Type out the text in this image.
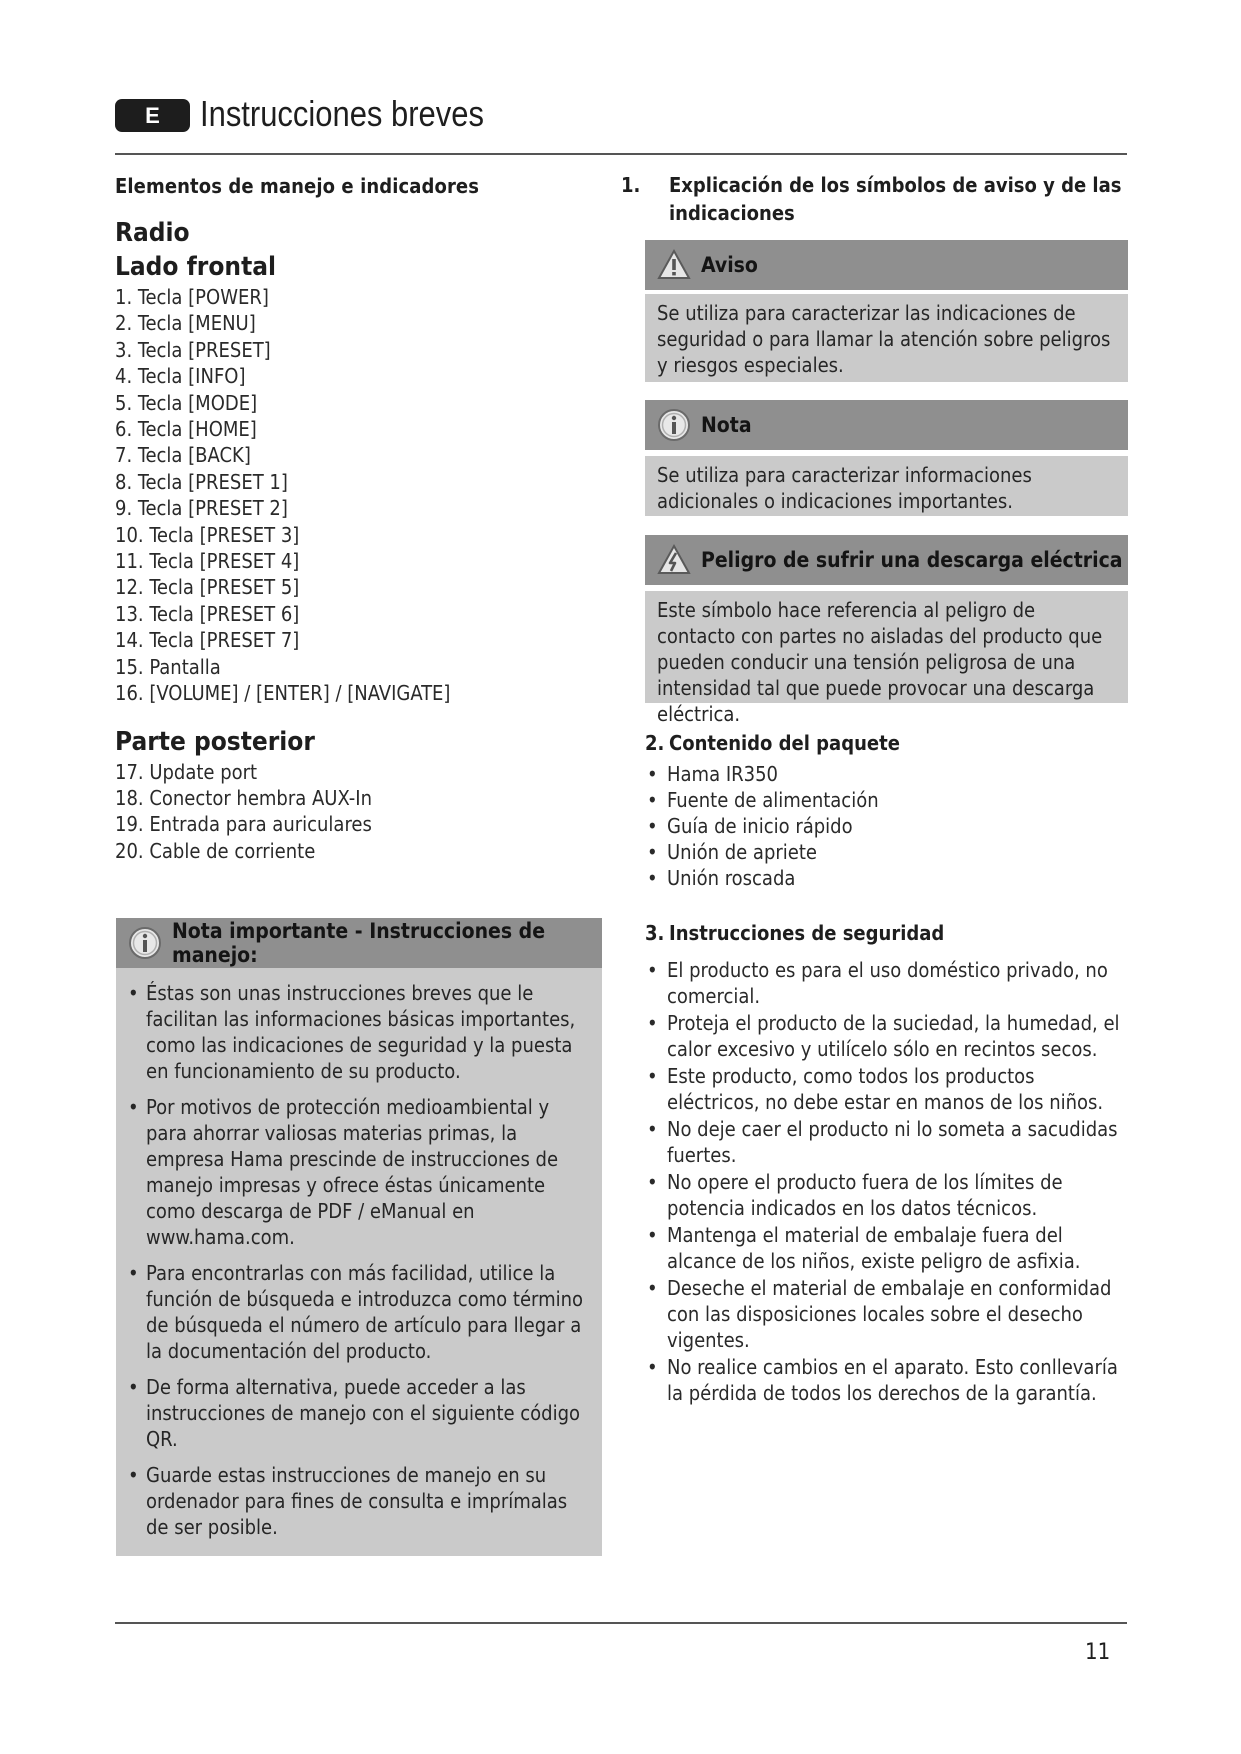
E	Instrucciones breves

Elementos de manejo e indicadores

Radio

Lado frontal

1. Tecla [POWER]
2. Tecla [MENU]
3. Tecla [PRESET]
4. Tecla [INFO]
5. Tecla [MODE]
6. Tecla [HOME]
7. Tecla [BACK]
8. Tecla [PRESET 1]
9. Tecla [PRESET 2]
10. Tecla [PRESET 3]
11. Tecla [PRESET 4]
12. Tecla [PRESET 5]
13. Tecla [PRESET 6]
14. Tecla [PRESET 7]
15. Pantalla
16. [VOLUME] / [ENTER] / [NAVIGATE]

Parte posterior

17. Update port
18. Conector hembra AUX-In
19. Entrada para auriculares
20. Cable de corriente
Nota importante - Instrucciones de manejo:
• Éstas son unas instrucciones breves que le facilitan las informaciones básicas importantes, como las indicaciones de seguridad y la puesta en funcionamiento de su producto.
• Por motivos de protección medioambiental y para ahorrar valiosas materias primas, la empresa Hama prescinde de instrucciones de manejo impresas y ofrece éstas únicamente como descarga de PDF / eManual en www.hama.com.
• Para encontrarlas con más facilidad, utilice la función de búsqueda e introduzca como término de búsqueda el número de artículo para llegar a la documentación del producto.
• De forma alternativa, puede acceder a las instrucciones de manejo con el siguiente código QR.
• Guarde estas instrucciones de manejo en su ordenador para fines de consulta e imprímalas de ser posible.

1. Explicación de los símbolos de aviso y de las indicaciones

Aviso
Se utiliza para caracterizar las indicaciones de seguridad o para llamar la atención sobre peligros y riesgos especiales.
Nota
Se utiliza para caracterizar informaciones adicionales o indicaciones importantes.
Peligro de sufrir una descarga eléctrica
Este símbolo hace referencia al peligro de contacto con partes no aisladas del producto que pueden conducir una tensión peligrosa de una intensidad tal que puede provocar una descarga eléctrica.

2. Contenido del paquete

• Hama IR350
• Fuente de alimentación
• Guía de inicio rápido
• Unión de apriete
• Unión roscada

3. Instrucciones de seguridad

• El producto es para el uso doméstico privado, no comercial.
• Proteja el producto de la suciedad, la humedad, el calor excesivo y utilícelo sólo en recintos secos.
• Este producto, como todos los productos eléctricos, no debe estar en manos de los niños.
• No deje caer el producto ni lo someta a sacudidas fuertes.
• No opere el producto fuera de los límites de potencia indicados en los datos técnicos.
• Mantenga el material de embalaje fuera del alcance de los niños, existe peligro de asfixia.
• Deseche el material de embalaje en conformidad con las disposiciones locales sobre el desecho vigentes.
• No realice cambios en el aparato. Esto conllevaría la pérdida de todos los derechos de la garantía.
11
